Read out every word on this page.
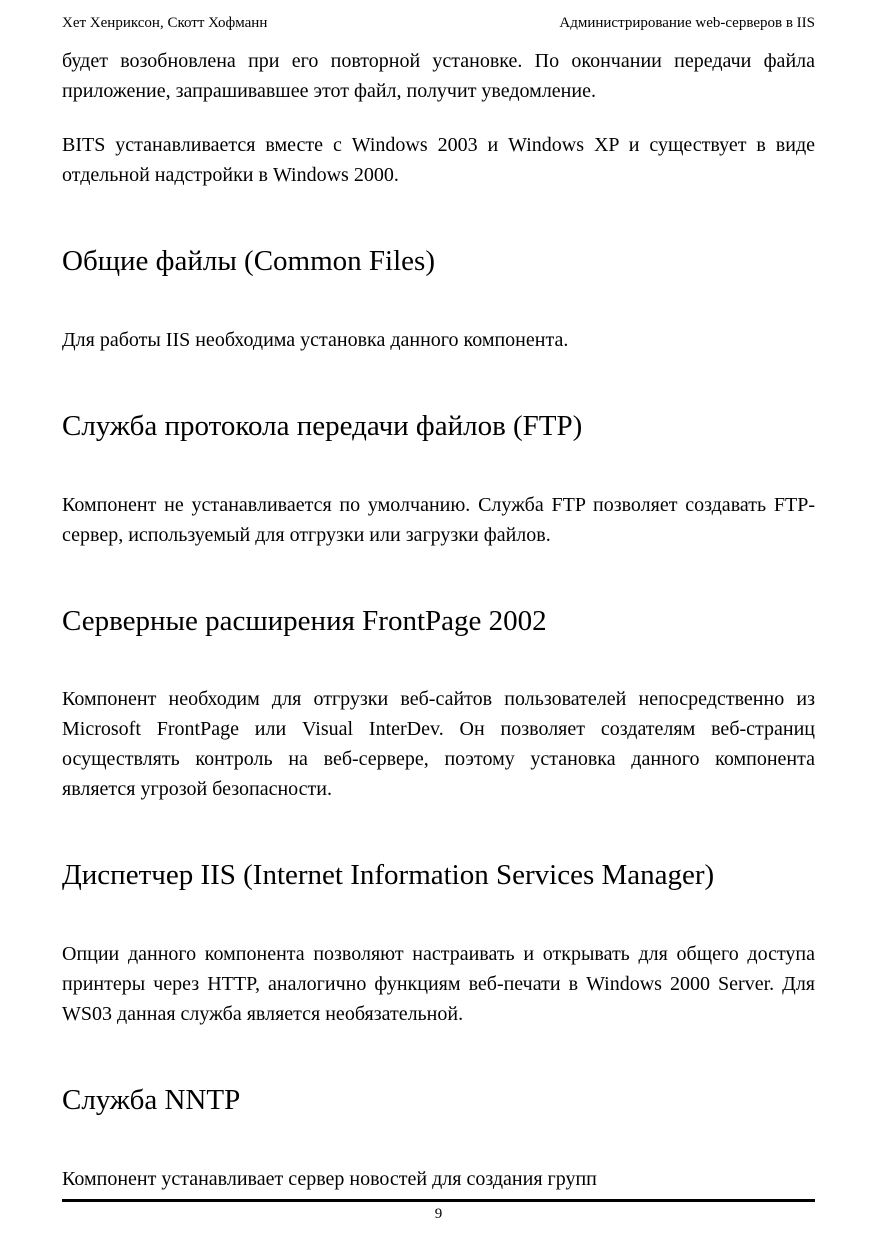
Хет Хенриксон, Скотт Хофманн	Администрирование web-серверов в IIS

будет возобновлена при его повторной установке. По окончании передачи файла приложение, запрашивавшее этот файл, получит уведомление.

BITS устанавливается вместе с Windows 2003 и Windows XP и существует в виде отдельной надстройки в Windows 2000.

Общие файлы (Common Files)

Для работы IIS необходима установка данного компонента.

Служба протокола передачи файлов (FTP)

Компонент не устанавливается по умолчанию. Служба FTP позволяет создавать FTP-сервер, используемый для отгрузки или загрузки файлов.

Серверные расширения FrontPage 2002

Компонент необходим для отгрузки веб-сайтов пользователей непосредственно из Microsoft FrontPage или Visual InterDev. Он позволяет создателям веб-страниц осуществлять контроль на веб-сервере, поэтому установка данного компонента является угрозой безопасности.

Диспетчер IIS (Internet Information Services Manager)

Опции данного компонента позволяют настраивать и открывать для общего доступа принтеры через HTTP, аналогично функциям веб-печати в Windows 2000 Server. Для WS03 данная служба является необязательной.

Служба NNTP

Компонент устанавливает сервер новостей для создания групп

9
